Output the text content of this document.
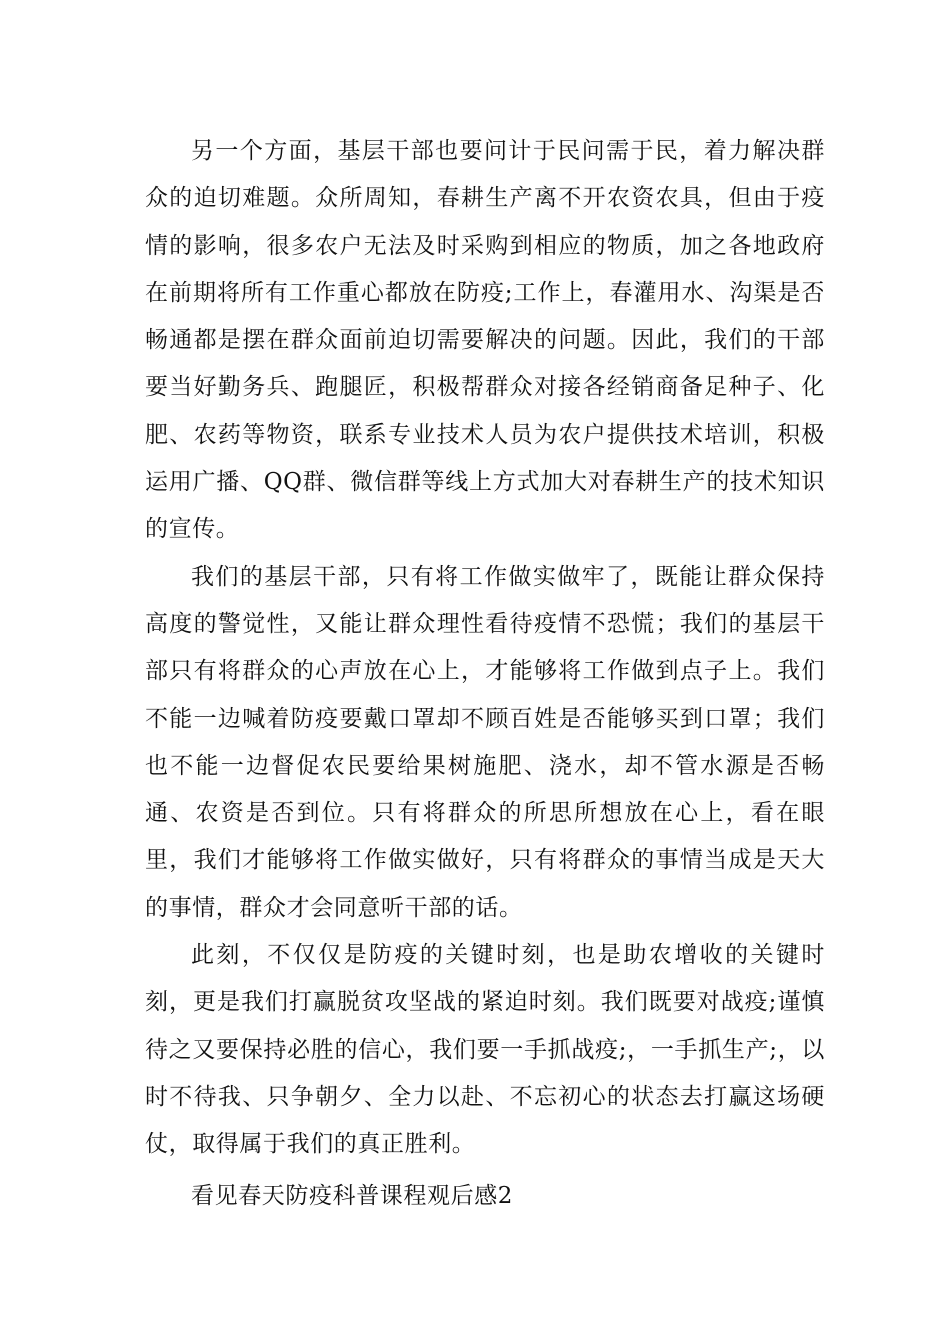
另一个方面，基层干部也要问计于民问需于民，着力解决群众的迫切难题。众所周知，春耕生产离不开农资农具，但由于疫情的影响，很多农户无法及时采购到相应的物质，加之各地政府在前期将所有工作重心都放在防疫;工作上，春灌用水、沟渠是否畅通都是摆在群众面前迫切需要解决的问题。因此，我们的干部要当好勤务兵、跑腿匠，积极帮群众对接各经销商备足种子、化肥、农药等物资，联系专业技术人员为农户提供技术培训，积极运用广播、QQ群、微信群等线上方式加大对春耕生产的技术知识的宣传。

我们的基层干部，只有将工作做实做牢了，既能让群众保持高度的警觉性，又能让群众理性看待疫情不恐慌；我们的基层干部只有将群众的心声放在心上，才能够将工作做到点子上。我们不能一边喊着防疫要戴口罩却不顾百姓是否能够买到口罩；我们也不能一边督促农民要给果树施肥、浇水，却不管水源是否畅通、农资是否到位。只有将群众的所思所想放在心上，看在眼里，我们才能够将工作做实做好，只有将群众的事情当成是天大的事情，群众才会同意听干部的话。

此刻，不仅仅是防疫的关键时刻，也是助农增收的关键时刻，更是我们打赢脱贫攻坚战的紧迫时刻。我们既要对战疫;谨慎待之又要保持必胜的信心，我们要一手抓战疫;，一手抓生产;，以时不待我、只争朝夕、全力以赴、不忘初心的状态去打赢这场硬仗，取得属于我们的真正胜利。

看见春天防疫科普课程观后感2
